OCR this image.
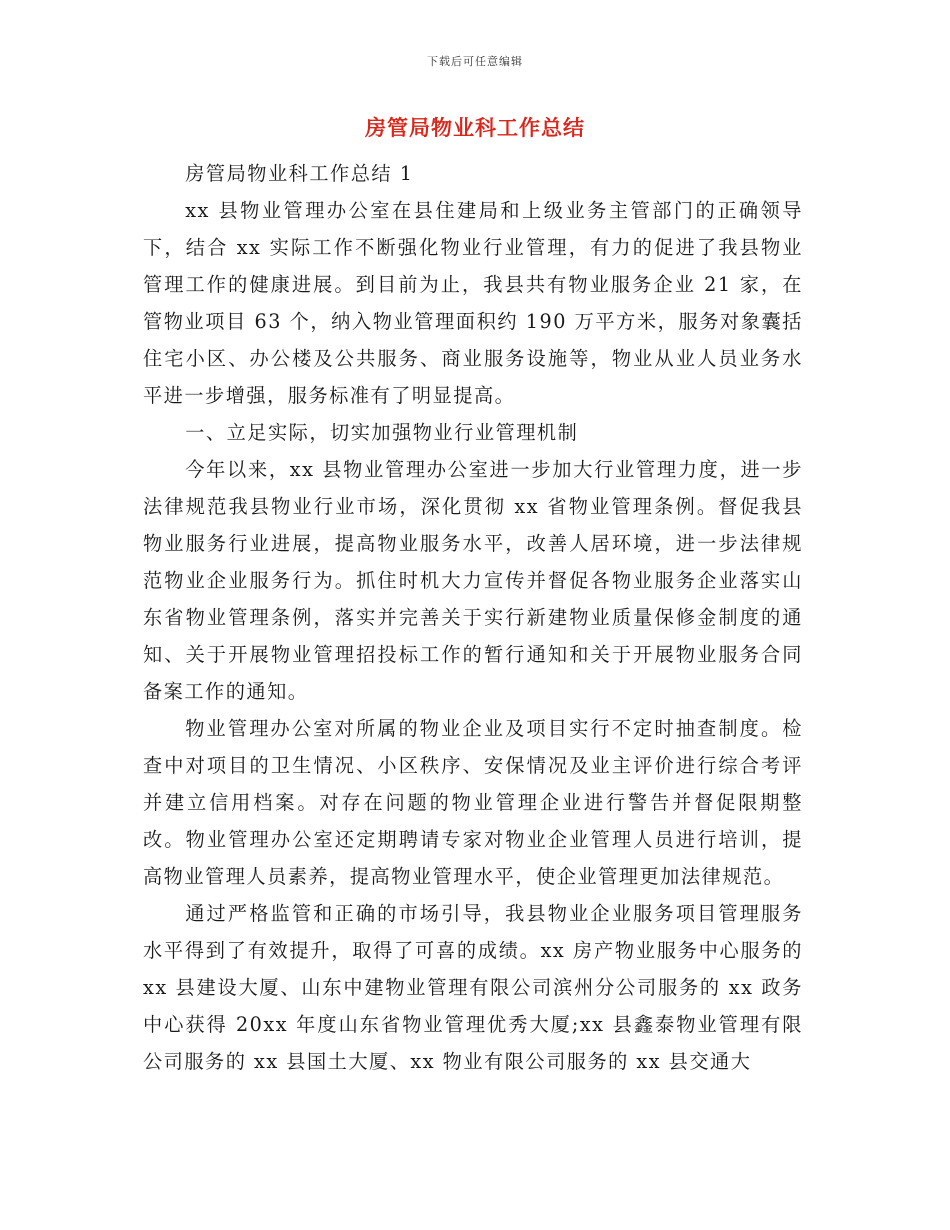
下载后可任意编辑
房管局物业科工作总结

房管局物业科工作总结 1

xx 县物业管理办公室在县住建局和上级业务主管部门的正确领导下，结合 xx 实际工作不断强化物业行业管理，有力的促进了我县物业管理工作的健康进展。到目前为止，我县共有物业服务企业 21 家，在管物业项目 63 个，纳入物业管理面积约 190 万平方米，服务对象囊括住宅小区、办公楼及公共服务、商业服务设施等，物业从业人员业务水平进一步增强，服务标准有了明显提高。

一、立足实际，切实加强物业行业管理机制

今年以来，xx 县物业管理办公室进一步加大行业管理力度，进一步法律规范我县物业行业市场，深化贯彻 xx 省物业管理条例。督促我县物业服务行业进展，提高物业服务水平，改善人居环境，进一步法律规范物业企业服务行为。抓住时机大力宣传并督促各物业服务企业落实山东省物业管理条例，落实并完善关于实行新建物业质量保修金制度的通知、关于开展物业管理招投标工作的暂行通知和关于开展物业服务合同备案工作的通知。

物业管理办公室对所属的物业企业及项目实行不定时抽查制度。检查中对项目的卫生情况、小区秩序、安保情况及业主评价进行综合考评并建立信用档案。对存在问题的物业管理企业进行警告并督促限期整改。物业管理办公室还定期聘请专家对物业企业管理人员进行培训，提高物业管理人员素养，提高物业管理水平，使企业管理更加法律规范。

通过严格监管和正确的市场引导，我县物业企业服务项目管理服务水平得到了有效提升，取得了可喜的成绩。xx 房产物业服务中心服务的 xx 县建设大厦、山东中建物业管理有限公司滨州分公司服务的 xx 政务中心获得 20xx 年度山东省物业管理优秀大厦;xx 县鑫泰物业管理有限公司服务的 xx 县国土大厦、xx 物业有限公司服务的 xx 县交通大
